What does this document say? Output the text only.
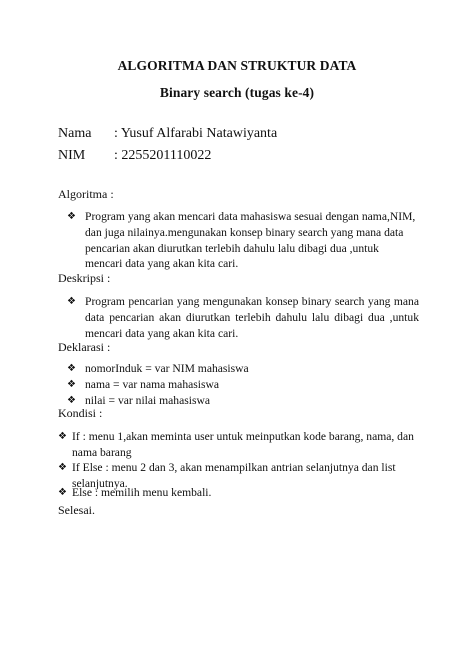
ALGORITMA DAN STRUKTUR DATA
Binary search (tugas ke-4)
Nama : Yusuf Alfarabi Natawiyanta
NIM : 2255201110022
Algoritma :
❖ Program yang akan mencari data mahasiswa sesuai dengan nama,NIM, dan juga nilainya.mengunakan konsep binary search yang mana data pencarian akan diurutkan terlebih dahulu lalu dibagi dua ,untuk mencari data yang akan kita cari.
Deskripsi :
❖ Program pencarian yang mengunakan konsep binary search yang mana data pencarian akan diurutkan terlebih dahulu lalu dibagi dua ,untuk mencari data yang akan kita cari.
Deklarasi :
❖ nomorInduk = var NIM mahasiswa
❖ nama = var nama mahasiswa
❖ nilai = var nilai mahasiswa
Kondisi :
❖ If : menu 1,akan meminta user untuk meinputkan kode barang, nama, dan nama barang
❖ If Else : menu 2 dan 3, akan menampilkan antrian selanjutnya dan list selanjutnya.
❖ Else : memilih menu kembali.
Selesai.
